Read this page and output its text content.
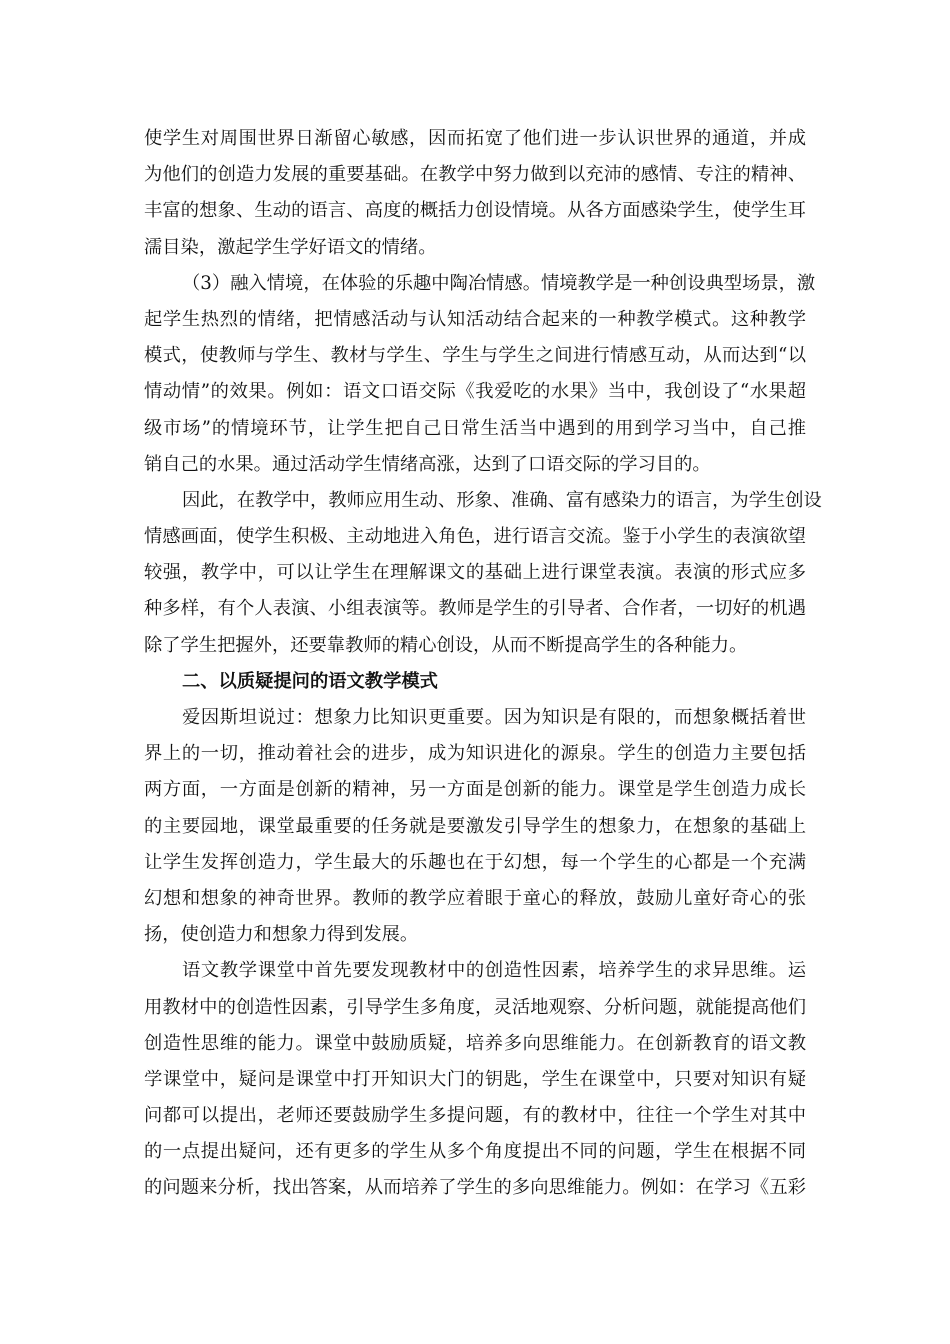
使学生对周围世界日渐留心敏感，因而拓宽了他们进一步认识世界的通道，并成
为他们的创造力发展的重要基础。在教学中努力做到以充沛的感情、专注的精神、
丰富的想象、生动的语言、高度的概括力创设情境。从各方面感染学生，使学生耳
濡目染，激起学生学好语文的情绪。
（3）融入情境，在体验的乐趣中陶冶情感。情境教学是一种创设典型场景，激
起学生热烈的情绪，把情感活动与认知活动结合起来的一种教学模式。这种教学
模式，使教师与学生、教材与学生、学生与学生之间进行情感互动，从而达到“以
情动情”的效果。例如：语文口语交际《我爱吃的水果》当中，我创设了“水果超
级市场”的情境环节，让学生把自己日常生活当中遇到的用到学习当中，自己推
销自己的水果。通过活动学生情绪高涨，达到了口语交际的学习目的。
因此，在教学中，教师应用生动、形象、准确、富有感染力的语言，为学生创设
情感画面，使学生积极、主动地进入角色，进行语言交流。鉴于小学生的表演欲望
较强，教学中，可以让学生在理解课文的基础上进行课堂表演。表演的形式应多
种多样，有个人表演、小组表演等。教师是学生的引导者、合作者，一切好的机遇
除了学生把握外，还要靠教师的精心创设，从而不断提高学生的各种能力。
二、以质疑提问的语文教学模式
爱因斯坦说过：想象力比知识更重要。因为知识是有限的，而想象概括着世
界上的一切，推动着社会的进步，成为知识进化的源泉。学生的创造力主要包括
两方面，一方面是创新的精神，另一方面是创新的能力。课堂是学生创造力成长
的主要园地，课堂最重要的任务就是要激发引导学生的想象力，在想象的基础上
让学生发挥创造力，学生最大的乐趣也在于幻想，每一个学生的心都是一个充满
幻想和想象的神奇世界。教师的教学应着眼于童心的释放，鼓励儿童好奇心的张
扬，使创造力和想象力得到发展。
语文教学课堂中首先要发现教材中的创造性因素，培养学生的求异思维。运
用教材中的创造性因素，引导学生多角度，灵活地观察、分析问题，就能提高他们
创造性思维的能力。课堂中鼓励质疑，培养多向思维能力。在创新教育的语文教
学课堂中，疑问是课堂中打开知识大门的钥匙，学生在课堂中，只要对知识有疑
问都可以提出，老师还要鼓励学生多提问题，有的教材中，往往一个学生对其中
的一点提出疑问，还有更多的学生从多个角度提出不同的问题，学生在根据不同
的问题来分析，找出答案，从而培养了学生的多向思维能力。例如：在学习《五彩
